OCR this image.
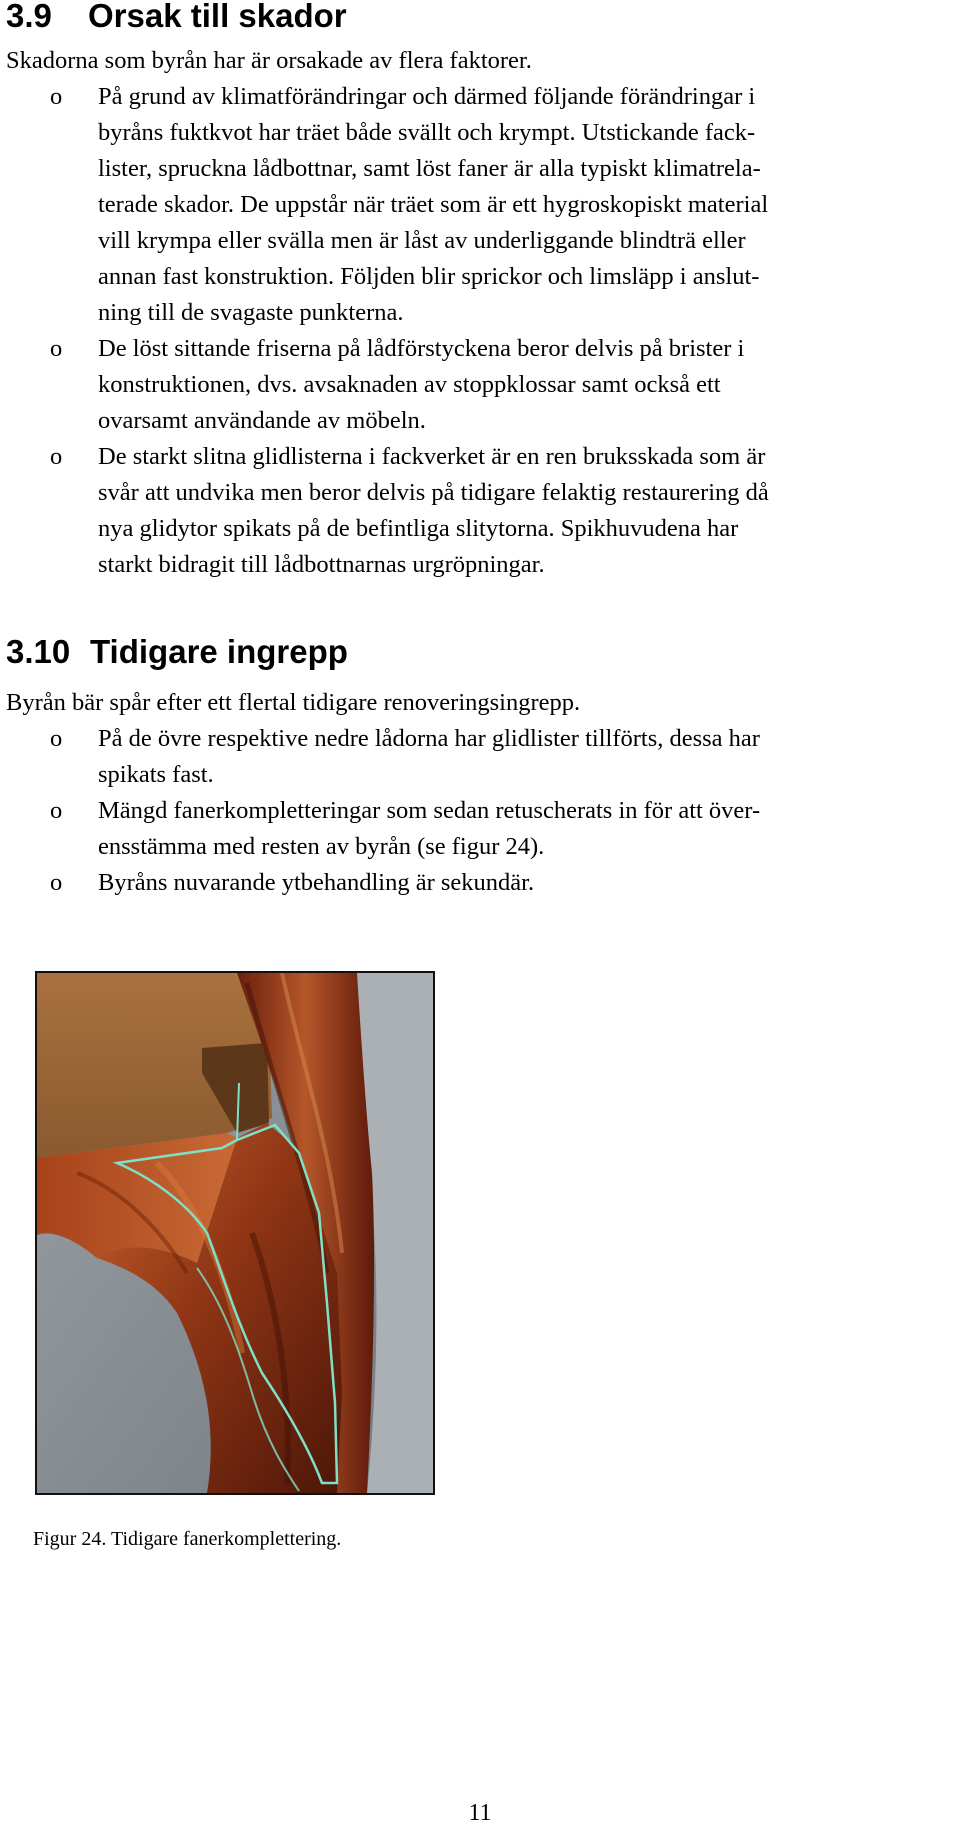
3.9 Orsak till skador

Skadorna som byrån har är orsakade av flera faktorer.

o På grund av klimatförändringar och därmed följande förändringar i
byråns fuktkvot har träet både svällt och krympt. Utstickande fack-
lister, spruckna lådbottnar, samt löst faner är alla typiskt klimatrela-
terade skador. De uppstår när träet som är ett hygroskopiskt material
vill krympa eller svälla men är låst av underliggande blindträ eller
annan fast konstruktion. Följden blir sprickor och limsläpp i anslut-
ning till de svagaste punkterna.
o De löst sittande friserna på lådförstyckena beror delvis på brister i
konstruktionen, dvs. avsaknaden av stoppklossar samt också ett
ovarsamt användande av möbeln.
o De starkt slitna glidlisterna i fackverket är en ren bruksskada som är
svår att undvika men beror delvis på tidigare felaktig restaurering då
nya glidytor spikats på de befintliga slitytorna. Spikhuvudena har
starkt bidragit till lådbottnarnas urgröpningar.
3.10 Tidigare ingrepp

Byrån bär spår efter ett flertal tidigare renoveringsingrepp.

o På de övre respektive nedre lådorna har glidlister tillförts, dessa har
spikats fast.
o Mängd fanerkompletteringar som sedan retuscherats in för att över-
ensstämma med resten av byrån (se figur 24).
o Byråns nuvarande ytbehandling är sekundär.
Figur 24. Tidigare fanerkomplettering.
11
